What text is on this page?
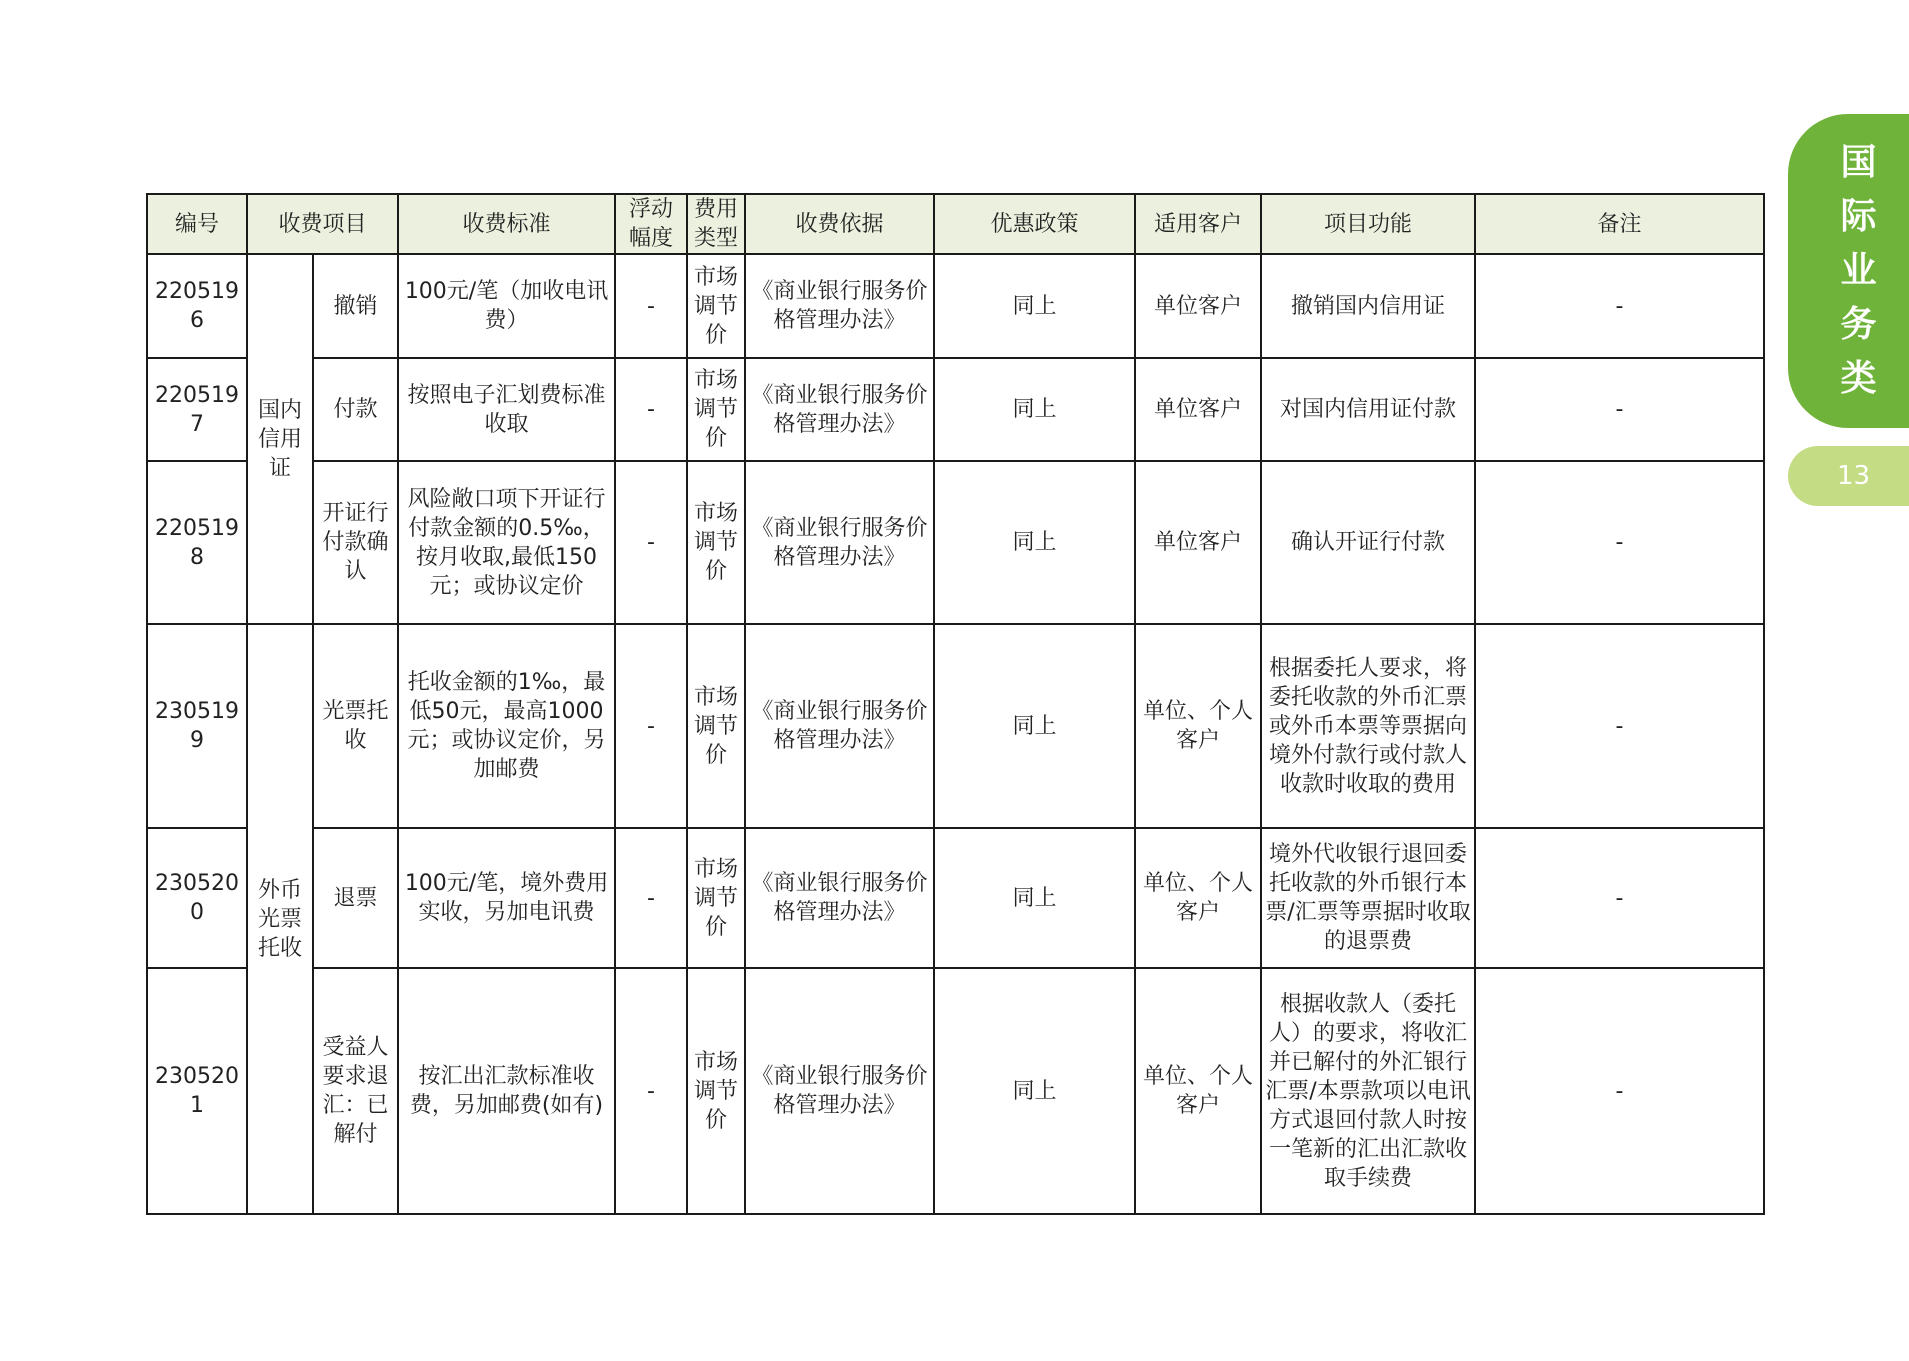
国际业务类
13
编号	收费项目		收费标准	浮动幅度	费用类型	收费依据	优惠政策	适用客户	项目功能	备注
2205196	国内信用证	撤销	100元/笔（加收电讯费）	-	市场调节价	《商业银行服务价格管理办法》	同上	单位客户	撤销国内信用证	-
2205197		付款	按照电子汇划费标准收取	-	市场调节价	《商业银行服务价格管理办法》	同上	单位客户	对国内信用证付款	-
2205198		开证行付款确认	风险敞口项下开证行付款金额的0.5‰，按月收取,最低150元；或协议定价	-	市场调节价	《商业银行服务价格管理办法》	同上	单位客户	确认开证行付款	-
2305199	外币光票托收	光票托收	托收金额的1‰，最低50元，最高1000元；或协议定价，另加邮费	-	市场调节价	《商业银行服务价格管理办法》	同上	单位、个人客户	根据委托人要求，将委托收款的外币汇票或外币本票等票据向境外付款行或付款人收款时收取的费用	-
2305200		退票	100元/笔，境外费用实收，另加电讯费	-	市场调节价	《商业银行服务价格管理办法》	同上	单位、个人客户	境外代收银行退回委托收款的外币银行本票/汇票等票据时收取的退票费	-
2305201		受益人要求退汇：已解付	按汇出汇款标准收费，另加邮费(如有)	-	市场调节价	《商业银行服务价格管理办法》	同上	单位、个人客户	根据收款人（委托人）的要求，将收汇并已解付的外汇银行汇票/本票款项以电讯方式退回付款人时按一笔新的汇出汇款收取手续费	-
